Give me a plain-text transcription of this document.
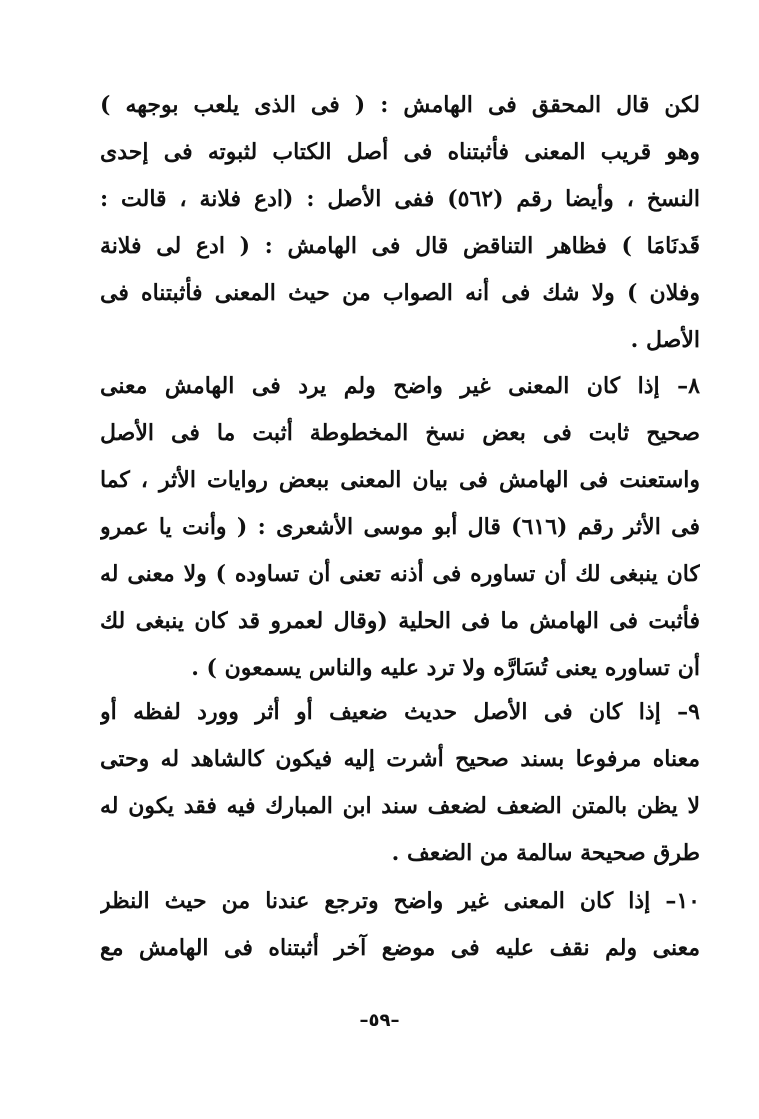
لكن قال المحقق فى الهامش : ( فى الذى يلعب بوجهه )
وهو قريب المعنى فأثبتناه فى أصل الكتاب لثبوته فى إحدى
النسخ ، وأيضا رقم (٥٦٢) ففى الأصل : (ادع فلانة ، قالت :
قَدنَامَا ) فظاهر التناقض قال فى الهامش : ( ادع لى فلانة
وفلان ) ولا شك فى أنه الصواب من حيث المعنى فأثبتناه فى
الأصل .
٨– إذا كان المعنى غير واضح ولم يرد فى الهامش معنى
صحيح ثابت فى بعض نسخ المخطوطة أثبت ما فى الأصل
واستعنت فى الهامش فى بيان المعنى ببعض روايات الأثر ، كما
فى الأثر رقم (٦١٦) قال أبو موسى الأشعرى : ( وأنت يا عمرو
كان ينبغى لك أن تساوره فى أذنه تعنى أن تساوده ) ولا معنى له
فأثبت فى الهامش ما فى الحلية (وقال لعمرو قد كان ينبغى لك
أن تساوره يعنى تُسَارَّه ولا ترد عليه والناس يسمعون ) .
٩– إذا كان فى الأصل حديث ضعيف أو أثر وورد لفظه أو
معناه مرفوعا بسند صحيح أشرت إليه فيكون كالشاهد له وحتى
لا يظن بالمتن الضعف لضعف سند ابن المبارك فيه فقد يكون له
طرق صحيحة سالمة من الضعف .
١٠– إذا كان المعنى غير واضح وترجع عندنا من حيث النظر
معنى ولم نقف عليه فى موضع آخر أثبتناه فى الهامش مع
–٥٩–
